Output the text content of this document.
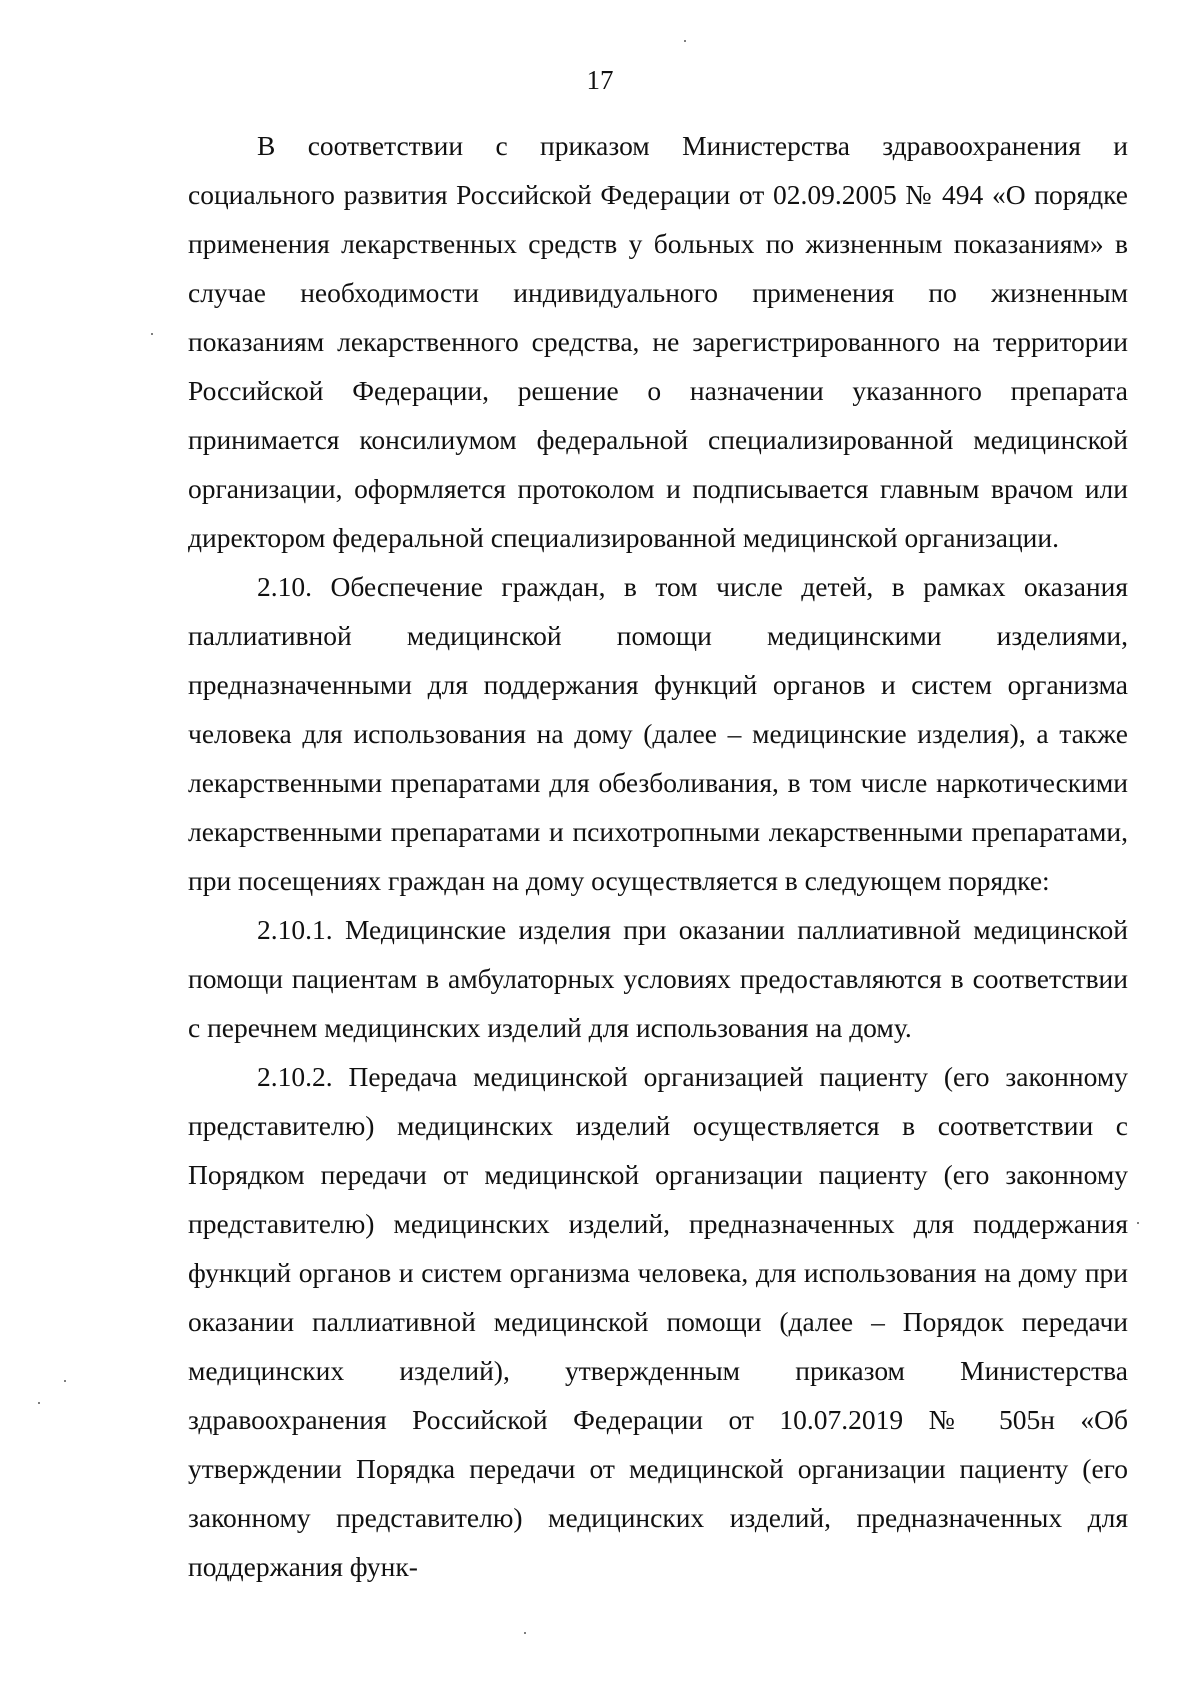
17

В соответствии с приказом Министерства здравоохранения и социального развития Российской Федерации от 02.09.2005 № 494 «О порядке применения лекарственных средств у больных по жизненным показаниям» в случае необходимости индивидуального применения по жизненным показаниям лекарственного средства, не зарегистрированного на территории Российской Федерации, решение о назначении указанного препарата принимается консилиумом федеральной специализированной медицинской организации, оформляется протоколом и подписывается главным врачом или директором федеральной специализированной медицинской организации.

2.10. Обеспечение граждан, в том числе детей, в рамках оказания паллиативной медицинской помощи медицинскими изделиями, предназначенными для поддержания функций органов и систем организма человека для использования на дому (далее – медицинские изделия), а также лекарственными препаратами для обезболивания, в том числе наркотическими лекарственными препаратами и психотропными лекарственными препаратами, при посещениях граждан на дому осуществляется в следующем порядке:

2.10.1. Медицинские изделия при оказании паллиативной медицинской помощи пациентам в амбулаторных условиях предоставляются в соответствии с перечнем медицинских изделий для использования на дому.

2.10.2. Передача медицинской организацией пациенту (его законному представителю) медицинских изделий осуществляется в соответствии с Порядком передачи от медицинской организации пациенту (его законному представителю) медицинских изделий, предназначенных для поддержания функций органов и систем организма человека, для использования на дому при оказании паллиативной медицинской помощи (далее – Порядок передачи медицинских изделий), утвержденным приказом Министерства здравоохранения Российской Федерации от 10.07.2019 № 505н «Об утверждении Порядка передачи от медицинской организации пациенту (его законному представителю) медицинских изделий, предназначенных для поддержания функ-
